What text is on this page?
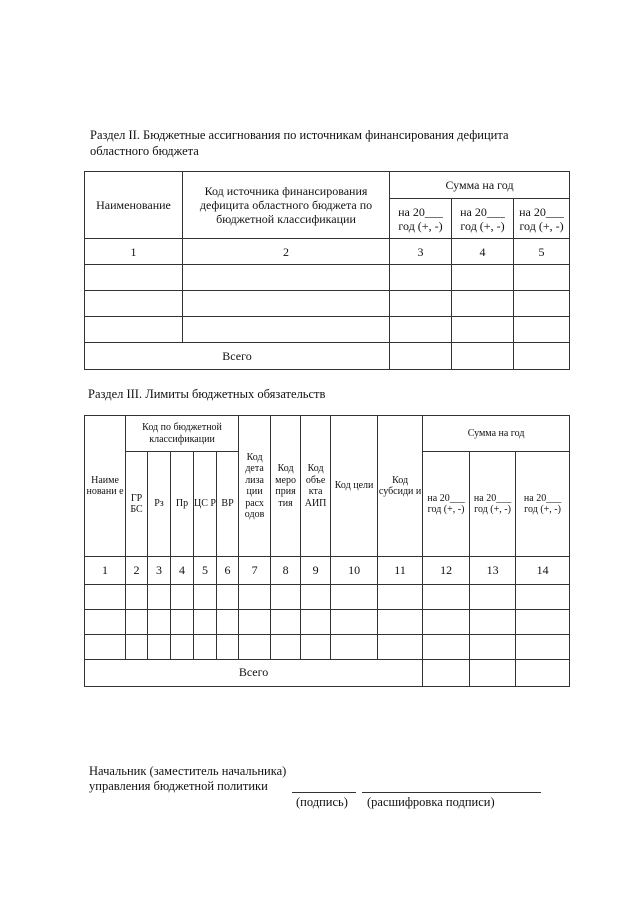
Раздел II. Бюджетные ассигнования по источникам финансирования дефицита
областного бюджета
Наименование	Код источника финансирования дефицита областного бюджета по бюджетной классификации	Сумма на год		
		на 20___ год (+, -)	на 20___ год (+, -)	на 20___ год (+, -)
1	2	3	4	5

Всего				
Раздел III. Лимиты бюджетных обязательств
Наиме новани е	Код по бюджетной классификации					Код дета лиза ции расх одов	Код меро прия тия	Код объе кта АИП	Код цели	Код субсиди и	Сумма на год		
	ГР БС	Рз	Пр	ЦС Р	ВР						на 20___ год (+, -)	на 20___ год (+, -)	на 20___ год (+, -)
1	2	3	4	5	6	7	8	9	10	11	12	13	14

Всего													
Начальник (заместитель начальника)
управления бюджетной политики
(подпись) (расшифровка подписи)
